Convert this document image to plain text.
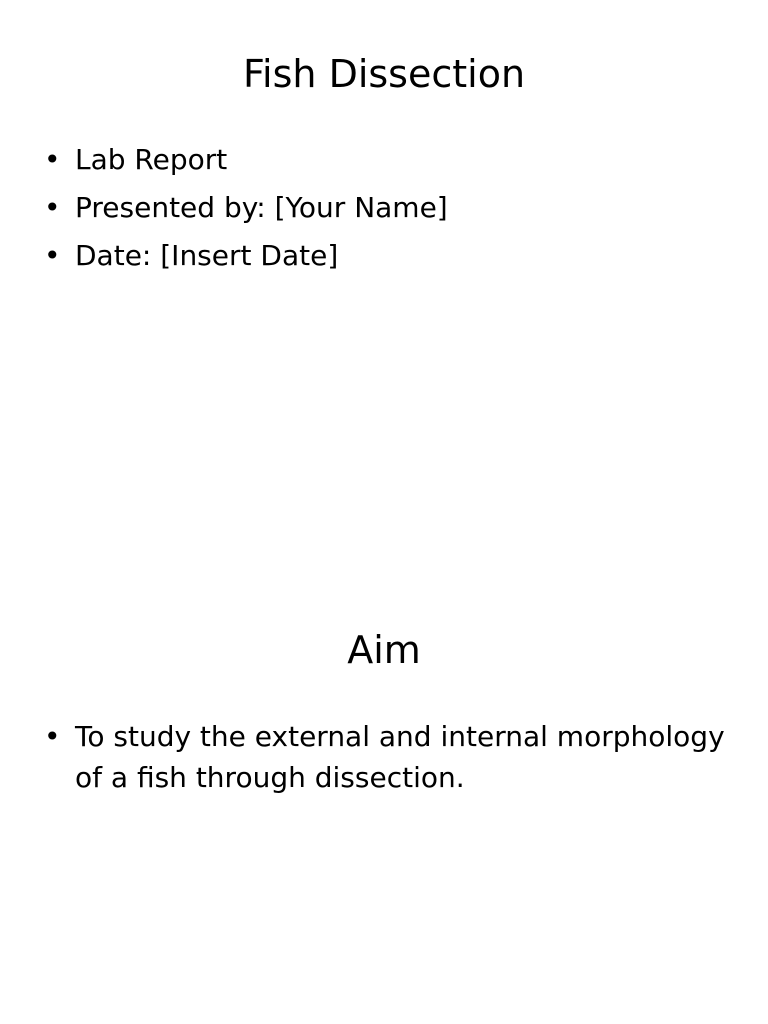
Fish Dissection
• Lab Report
• Presented by: [Your Name]
• Date: [Insert Date]
Aim
• To study the external and internal morphology of a fish through dissection.
